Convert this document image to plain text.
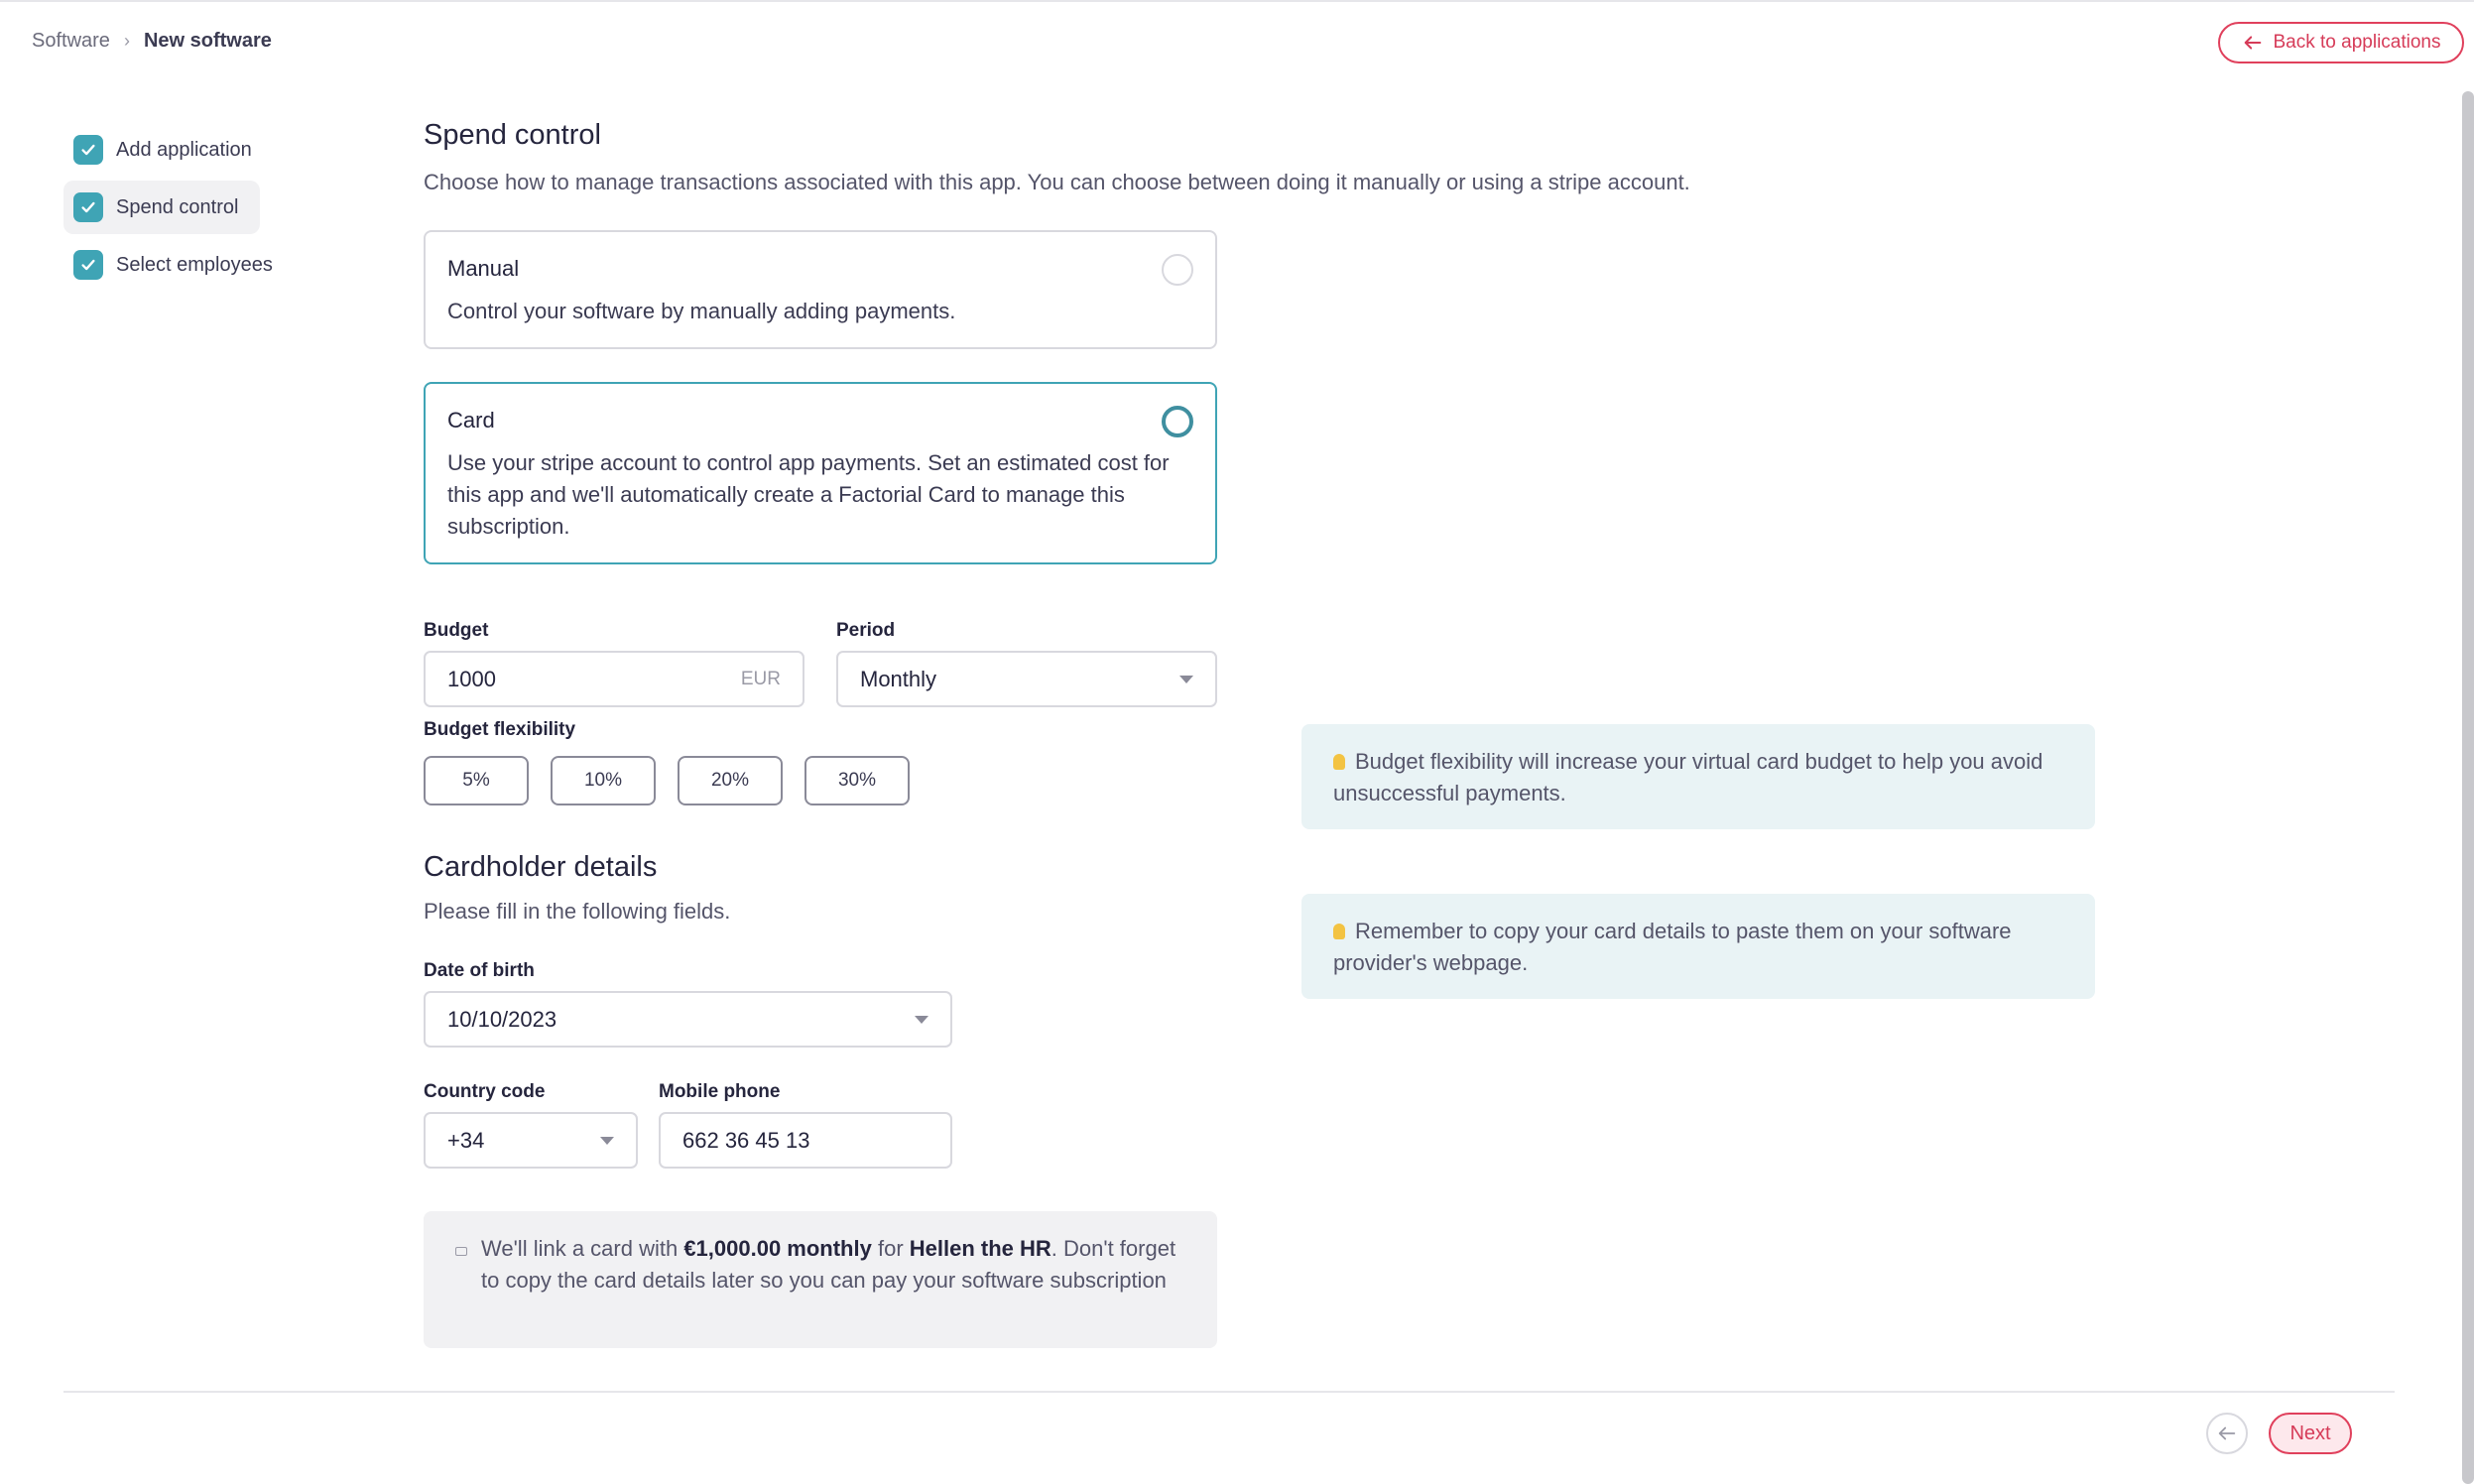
Software › New software	Back to applications
Add application
Spend control
Select employees
Spend control

Choose how to manage transactions associated with this app. You can choose between doing it manually or using a stripe account.

Manual
Control your software by manually adding payments.
Card
Use your stripe account to control app payments. Set an estimated cost for this app and we'll automatically create a Factorial Card to manage this subscription.
Budget
1000	EUR
Period
Monthly
Budget flexibility
5%	10%	20%	30%
Cardholder details
Please fill in the following fields.
Date of birth
10/10/2023
Country code
+34
Mobile phone
662 36 45 13
Budget flexibility will increase your virtual card budget to help you avoid unsuccessful payments.
Remember to copy your card details to paste them on your software provider's webpage.
We'll link a card with €1,000.00 monthly for Hellen the HR. Don't forget to copy the card details later so you can pay your software subscription
Next
